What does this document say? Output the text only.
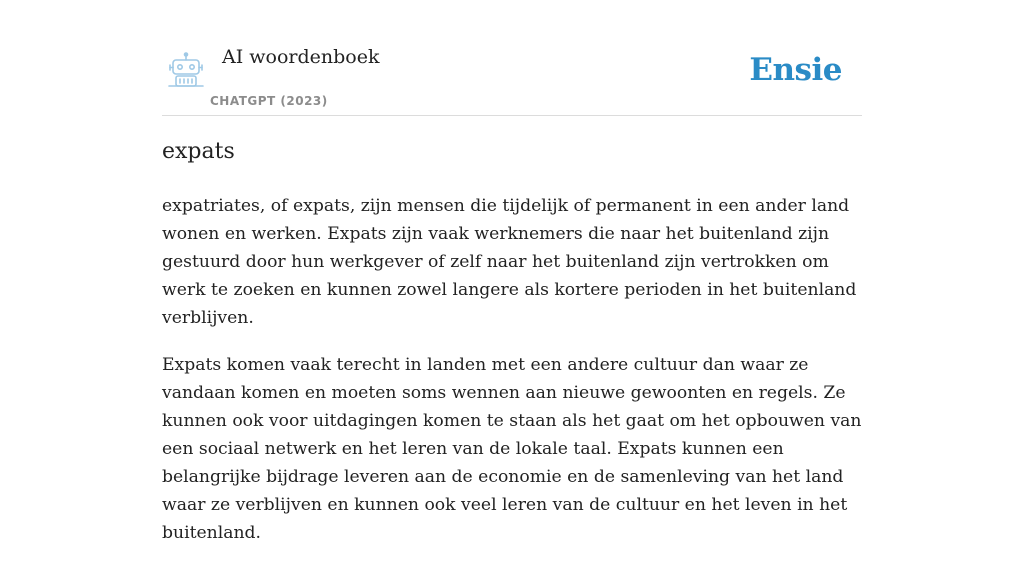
AI woordenboek
CHATGPT (2023)
Ensie
expats

expatriates, of expats, zijn mensen die tijdelijk of permanent in een ander land wonen en werken. Expats zijn vaak werknemers die naar het buitenland zijn gestuurd door hun werkgever of zelf naar het buitenland zijn vertrokken om werk te zoeken en kunnen zowel langere als kortere perioden in het buitenland verblijven.

Expats komen vaak terecht in landen met een andere cultuur dan waar ze vandaan komen en moeten soms wennen aan nieuwe gewoonten en regels. Ze kunnen ook voor uitdagingen komen te staan als het gaat om het opbouwen van een sociaal netwerk en het leren van de lokale taal. Expats kunnen een belangrijke bijdrage leveren aan de economie en de samenleving van het land waar ze verblijven en kunnen ook veel leren van de cultuur en het leven in het buitenland.
